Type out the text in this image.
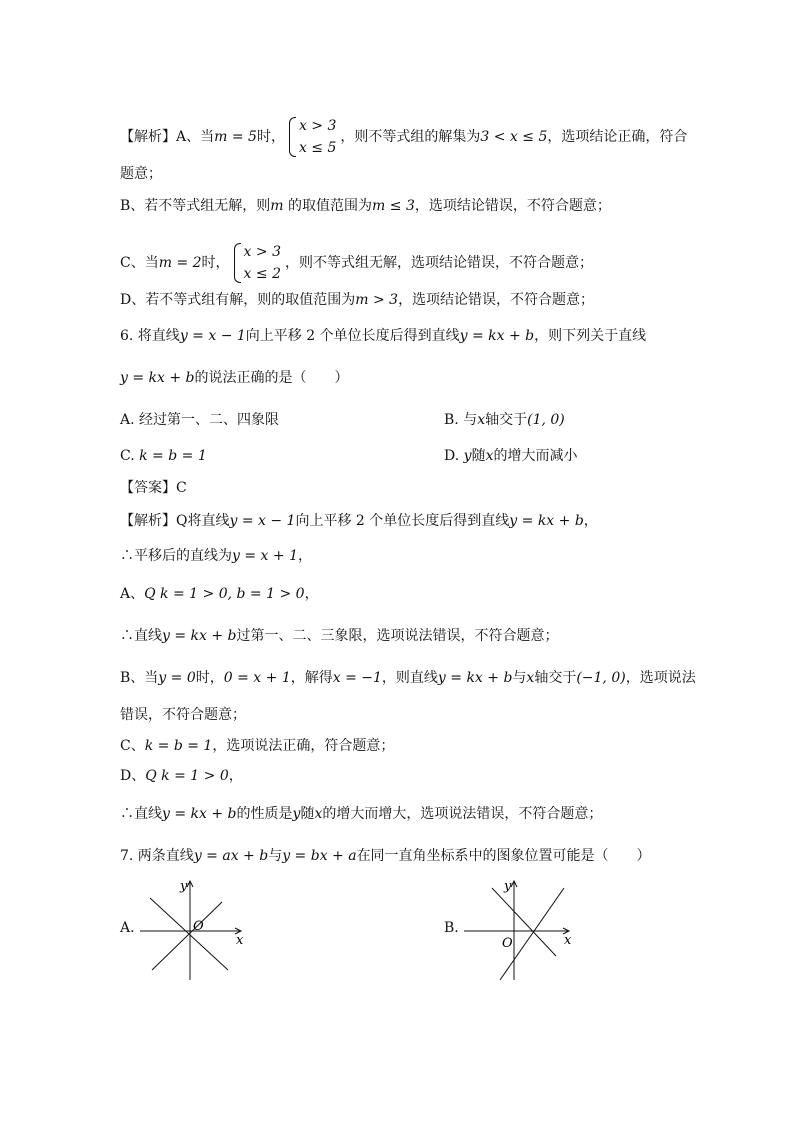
【解析】A、当m = 5时，
x > 3
x ≤ 5
，则不等式组的解集为3 < x ≤ 5，选项结论正确，符合
题意；
B、若不等式组无解，则m 的取值范围为m ≤ 3，选项结论错误，不符合题意；
C、当m = 2时，
x > 3
x ≤ 2
，则不等式组无解，选项结论错误，不符合题意；
D、若不等式组有解，则的取值范围为m > 3，选项结论错误，不符合题意；
6. 将直线y = x − 1向上平移 2 个单位长度后得到直线y = kx + b，则下列关于直线
y = kx + b的说法正确的是（　　）
A. 经过第一、二、四象限	B. 与x轴交于(1, 0)
C. k = b = 1	D. y随x的增大而减小
【答案】C
【解析】Q将直线y = x − 1向上平移 2 个单位长度后得到直线y = kx + b，
∴平移后的直线为y = x + 1，
A、Q k = 1 > 0, b = 1 > 0，
∴直线y = kx + b过第一、二、三象限，选项说法错误，不符合题意；
B、当y = 0时，0 = x + 1，解得x = −1，则直线y = kx + b与x轴交于(−1, 0)，选项说法
错误，不符合题意；
C、k = b = 1，选项说法正确，符合题意；
D、Q k = 1 > 0，
∴直线y = kx + b的性质是y随x的增大而增大，选项说法错误，不符合题意；
7. 两条直线y = ax + b与y = bx + a在同一直角坐标系中的图象位置可能是（　　）
A.	O
x
y
B.
O	x
y
